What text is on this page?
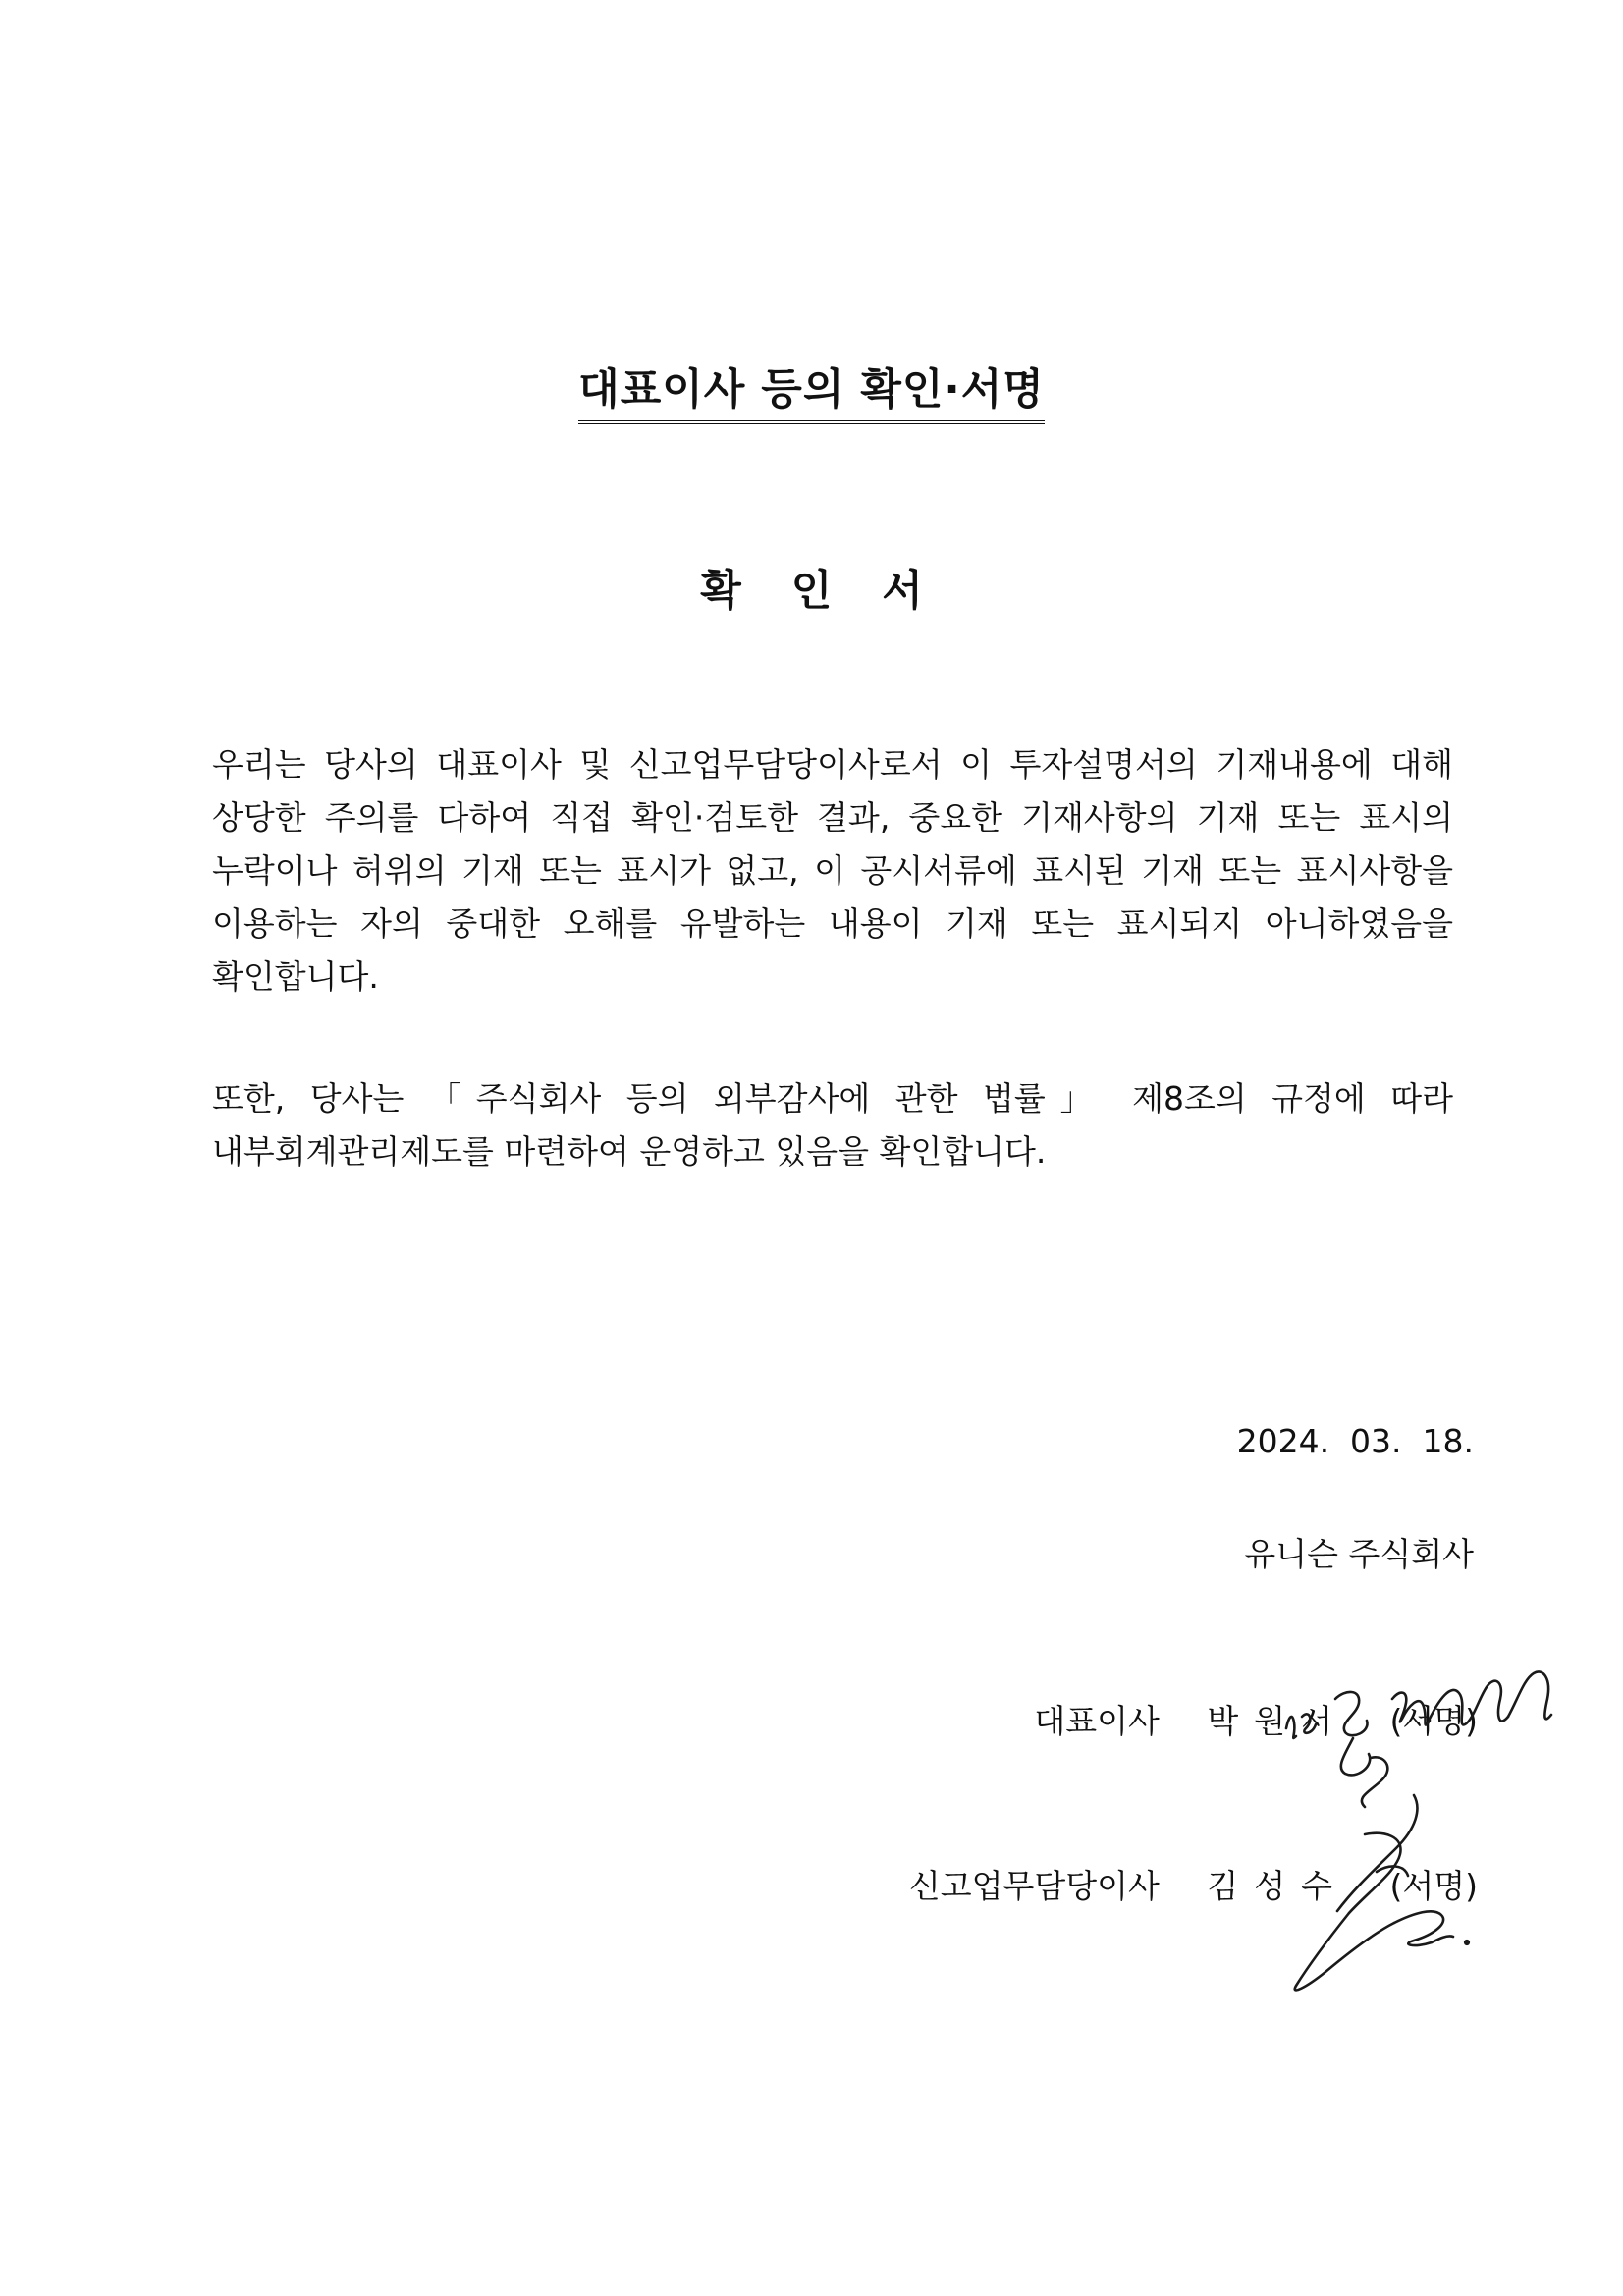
대표이사 등의 확인·서명
확 인 서

우리는 당사의 대표이사 및 신고업무담당이사로서 이 투자설명서의 기재내용에 대해 상당한 주의를 다하여 직접 확인·검토한 결과, 중요한 기재사항의 기재 또는 표시의 누락이나 허위의 기재 또는 표시가 없고, 이 공시서류에 표시된 기재 또는 표시사항을 이용하는 자의 중대한 오해를 유발하는 내용이 기재 또는 표시되지 아니하였음을 확인합니다.

또한, 당사는 「주식회사 등의 외부감사에 관한 법률」 제8조의 규정에 따라 내부회계관리제도를 마련하여 운영하고 있음을 확인합니다.

2024.  03.  18.
유니슨 주식회사
대표이사 박원서 (서명)
신고업무담당이사 김성수 (서명)
